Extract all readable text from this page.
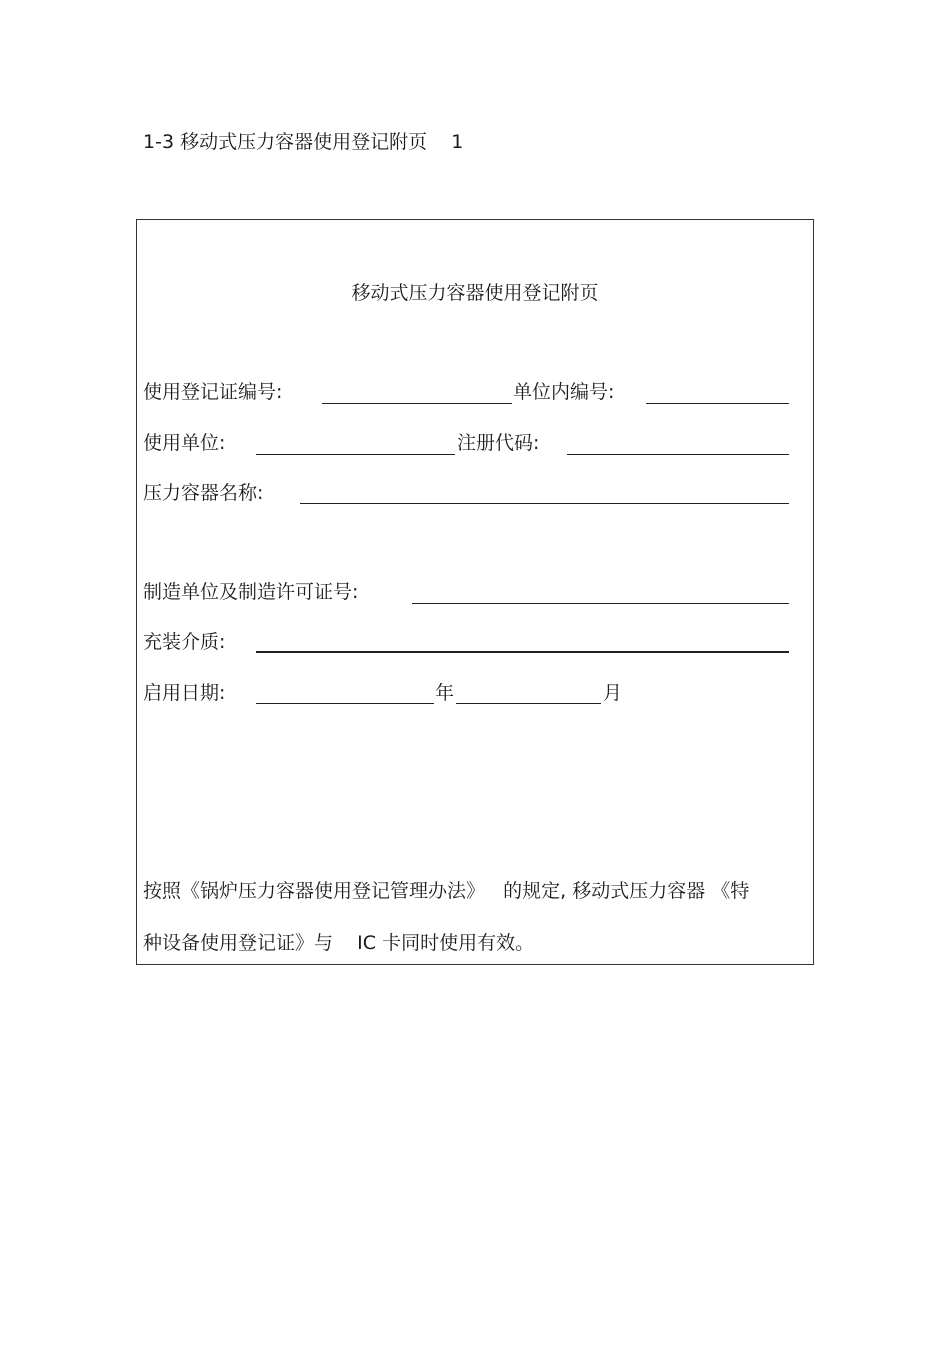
1-3 移动式压力容器使用登记附页    1
移动式压力容器使用登记附页
使用登记证编号:	单位内编号:
使用单位:	注册代码:
压力容器名称:
制造单位及制造许可证号:
充装介质:
启用日期:	年	月
按照《锅炉压力容器使用登记管理办法》   的规定, 移动式压力容器 《特
种设备使用登记证》与    IC 卡同时使用有效。
